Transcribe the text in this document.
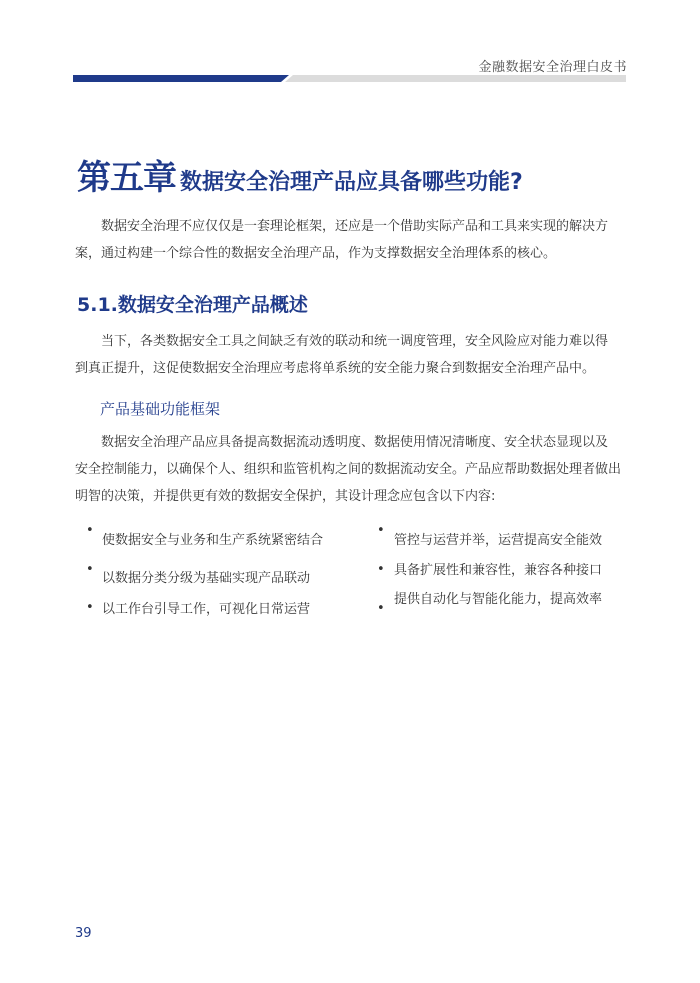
金融数据安全治理白皮书
第五章 数据安全治理产品应具备哪些功能?

数据安全治理不应仅仅是一套理论框架，还应是一个借助实际产品和工具来实现的解决方
案，通过构建一个综合性的数据安全治理产品，作为支撑数据安全治理体系的核心。

5.1.数据安全治理产品概述

当下，各类数据安全工具之间缺乏有效的联动和统一调度管理，安全风险应对能力难以得
到真正提升，这促使数据安全治理应考虑将单系统的安全能力聚合到数据安全治理产品中。

产品基础功能框架

数据安全治理产品应具备提高数据流动透明度、数据使用情况清晰度、安全状态显现以及
安全控制能力，以确保个人、组织和监管机构之间的数据流动安全。产品应帮助数据处理者做出
明智的决策，并提供更有效的数据安全保护，其设计理念应包含以下内容:

•
使数据安全与业务和生产系统紧密结合
•
以数据分类分级为基础实现产品联动
• 以工作台引导工作，可视化日常运营
•
管控与运营并举，运营提高安全能效
• 具备扩展性和兼容性，兼容各种接口
•
提供自动化与智能化能力，提高效率
39
